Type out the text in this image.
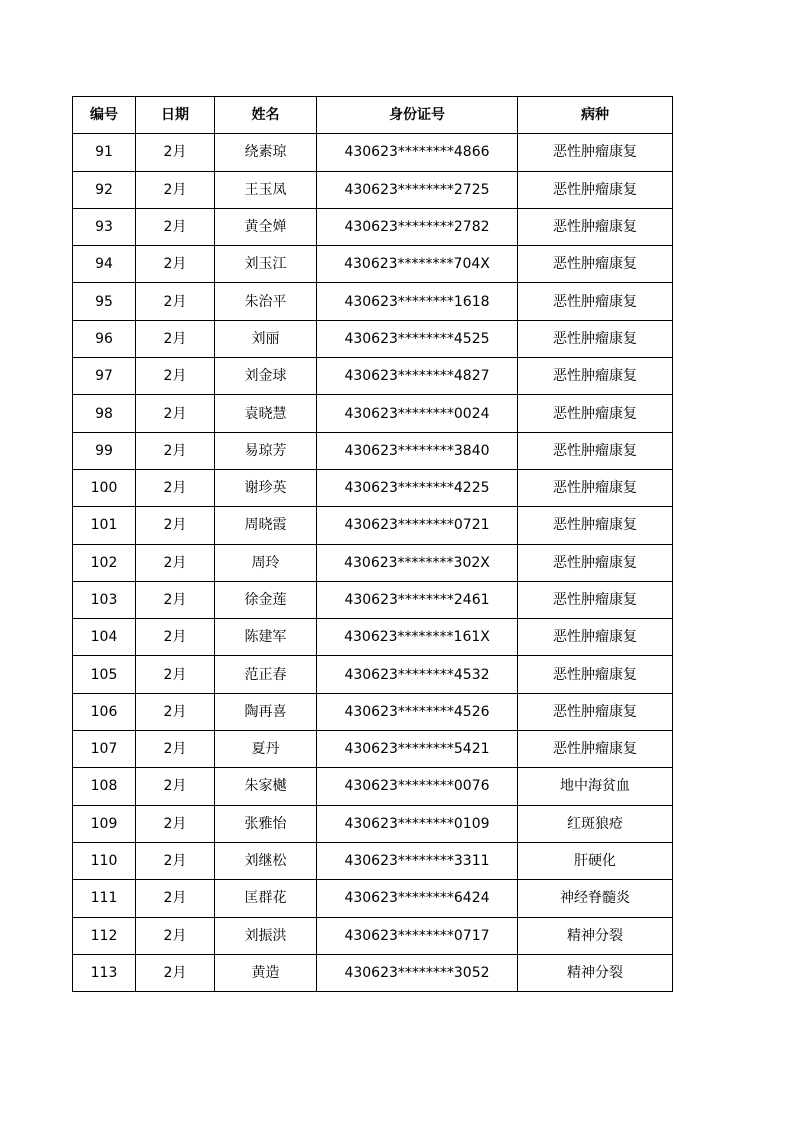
编号	日期	姓名	身份证号	病种
91	2月	绕素琼	430623********4866	恶性肿瘤康复
92	2月	王玉凤	430623********2725	恶性肿瘤康复
93	2月	黄全婵	430623********2782	恶性肿瘤康复
94	2月	刘玉江	430623********704X	恶性肿瘤康复
95	2月	朱治平	430623********1618	恶性肿瘤康复
96	2月	刘丽	430623********4525	恶性肿瘤康复
97	2月	刘金球	430623********4827	恶性肿瘤康复
98	2月	袁晓慧	430623********0024	恶性肿瘤康复
99	2月	易琼芳	430623********3840	恶性肿瘤康复
100	2月	谢珍英	430623********4225	恶性肿瘤康复
101	2月	周晓霞	430623********0721	恶性肿瘤康复
102	2月	周玲	430623********302X	恶性肿瘤康复
103	2月	徐金莲	430623********2461	恶性肿瘤康复
104	2月	陈建军	430623********161X	恶性肿瘤康复
105	2月	范正春	430623********4532	恶性肿瘤康复
106	2月	陶再喜	430623********4526	恶性肿瘤康复
107	2月	夏丹	430623********5421	恶性肿瘤康复
108	2月	朱家樾	430623********0076	地中海贫血
109	2月	张雅怡	430623********0109	红斑狼疮
110	2月	刘继松	430623********3311	肝硬化
111	2月	匡群花	430623********6424	神经脊髓炎
112	2月	刘振洪	430623********0717	精神分裂
113	2月	黄造	430623********3052	精神分裂
